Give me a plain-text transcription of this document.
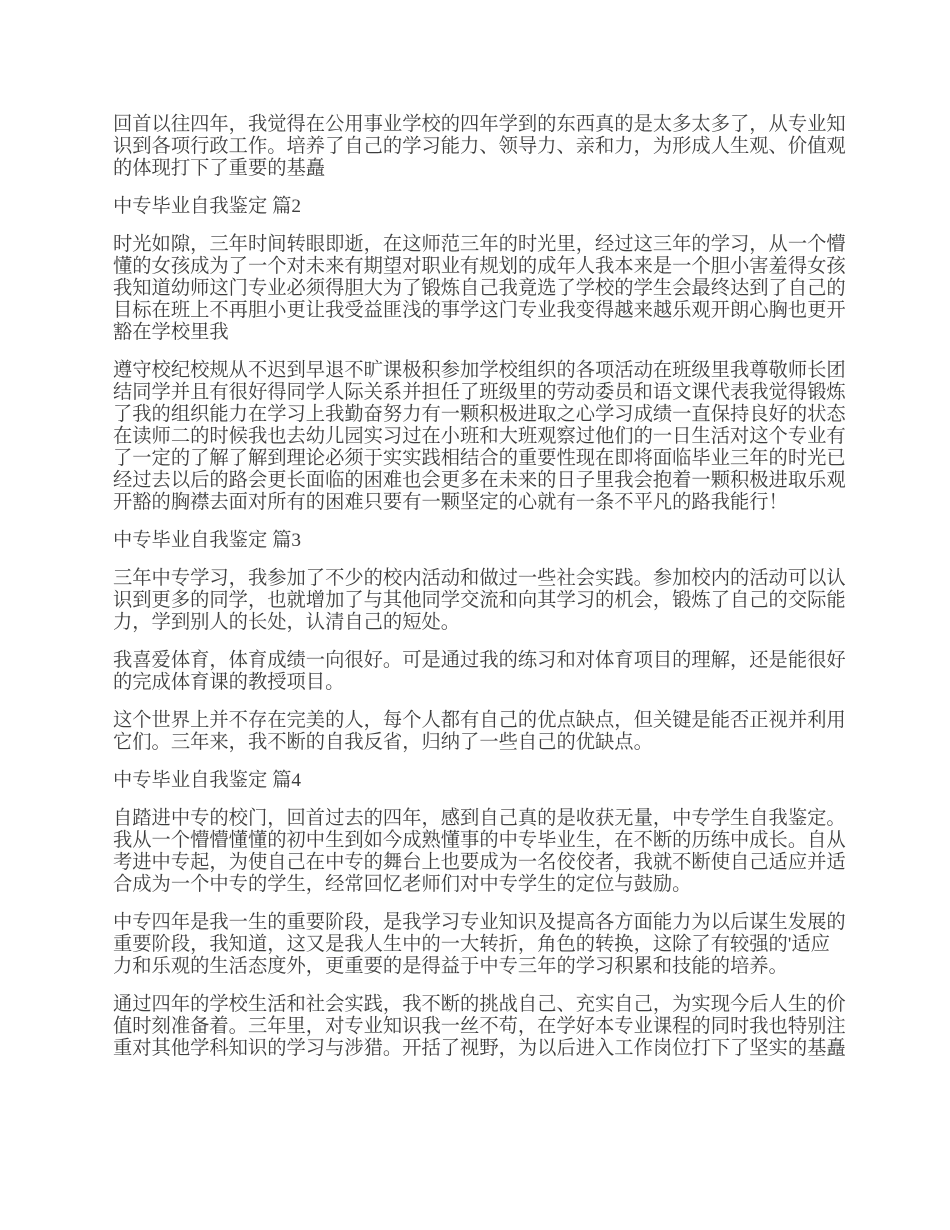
回首以往四年，我觉得在公用事业学校的四年学到的东西真的是太多太多了，从专业知识到各项行政工作。培养了自己的学习能力、领导力、亲和力，为形成人生观、价值观的体现打下了重要的基矗

中专毕业自我鉴定 篇2

时光如隙，三年时间转眼即逝，在这师范三年的时光里，经过这三年的学习，从一个懵懂的女孩成为了一个对未来有期望对职业有规划的成年人我本来是一个胆小害羞得女孩我知道幼师这门专业必须得胆大为了锻炼自己我竟选了学校的学生会最终达到了自己的目标在班上不再胆小更让我受益匪浅的事学这门专业我变得越来越乐观开朗心胸也更开豁在学校里我

遵守校纪校规从不迟到早退不旷课极积参加学校组织的各项活动在班级里我尊敬师长团结同学并且有很好得同学人际关系并担任了班级里的劳动委员和语文课代表我觉得锻炼了我的组织能力在学习上我勤奋努力有一颗积极进取之心学习成绩一直保持良好的状态在读师二的时候我也去幼儿园实习过在小班和大班观察过他们的一日生活对这个专业有了一定的了解了解到理论必须于实实践相结合的重要性现在即将面临毕业三年的时光已经过去以后的路会更长面临的困难也会更多在未来的日子里我会抱着一颗积极进取乐观开豁的胸襟去面对所有的困难只要有一颗坚定的心就有一条不平凡的路我能行！

中专毕业自我鉴定 篇3

三年中专学习，我参加了不少的校内活动和做过一些社会实践。参加校内的活动可以认识到更多的同学，也就增加了与其他同学交流和向其学习的机会，锻炼了自己的交际能力，学到别人的长处，认清自己的短处。

我喜爱体育，体育成绩一向很好。可是通过我的练习和对体育项目的理解，还是能很好的完成体育课的教授项目。

这个世界上并不存在完美的人，每个人都有自己的优点缺点，但关键是能否正视并利用它们。三年来，我不断的自我反省，归纳了一些自己的优缺点。

中专毕业自我鉴定 篇4

自踏进中专的校门，回首过去的四年，感到自己真的是收获无量，中专学生自我鉴定。我从一个懵懵懂懂的初中生到如今成熟懂事的中专毕业生，在不断的历练中成长。自从考进中专起，为使自己在中专的舞台上也要成为一名佼佼者，我就不断使自己适应并适合成为一个中专的学生，经常回忆老师们对中专学生的定位与鼓励。

中专四年是我一生的重要阶段，是我学习专业知识及提高各方面能力为以后谋生发展的重要阶段，我知道，这又是我人生中的一大转折，角色的转换，这除了有较强的'适应力和乐观的生活态度外，更重要的是得益于中专三年的学习积累和技能的培养。

通过四年的学校生活和社会实践，我不断的挑战自己、充实自己，为实现今后人生的价值时刻准备着。三年里，对专业知识我一丝不苟，在学好本专业课程的同时我也特别注重对其他学科知识的学习与涉猎。开括了视野，为以后进入工作岗位打下了坚实的基矗
